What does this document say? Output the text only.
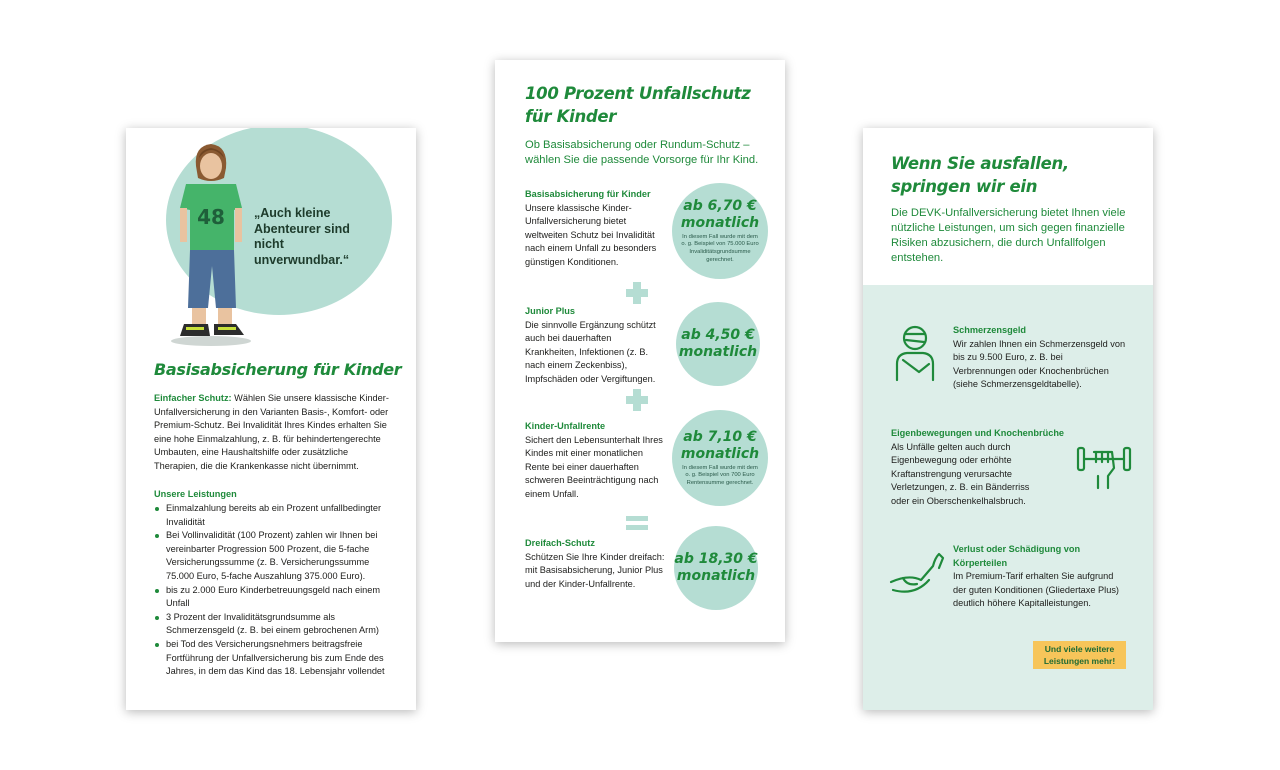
48 „Auch kleine Abenteurer sind nicht unverwundbar.“
Basisabsicherung für Kinder
Einfacher Schutz: Wählen Sie unsere klassische Kinder-Unfallversicherung in den Varianten Basis-, Komfort- oder Premium-Schutz. Bei Invalidität Ihres Kindes erhalten Sie eine hohe Einmalzahlung, z. B. für behindertengerechte Umbauten, eine Haushaltshilfe oder zusätzliche Therapien, die die Krankenkasse nicht übernimmt.
Unsere Leistungen
Einmalzahlung bereits ab ein Prozent unfallbedingter Invalidität
Bei Vollinvalidität (100 Prozent) zahlen wir Ihnen bei vereinbarter Progression 500 Prozent, die 5-fache Versicherungssumme (z. B. Versicherungssumme 75.000 Euro, 5-fache Auszahlung 375.000 Euro).
bis zu 2.000 Euro Kinderbetreuungsgeld nach einem Unfall
3 Prozent der Invaliditätsgrundsumme als Schmerzensgeld (z. B. bei einem gebrochenen Arm)
bei Tod des Versicherungsnehmers beitragsfreie Fortführung der Unfallversicherung bis zum Ende des Jahres, in dem das Kind das 18. Lebensjahr vollendet
100 Prozent Unfallschutz
für Kinder
Ob Basisabsicherung oder Rundum-Schutz – wählen Sie die passende Vorsorge für Ihr Kind.
Basisabsicherung für Kinder
Unsere klassische Kinder-Unfallversicherung bietet weltweiten Schutz bei Invalidität nach einem Unfall zu besonders günstigen Konditionen.
ab 6,70 €
monatlich
In diesem Fall wurde mit dem o. g. Beispiel von 75.000 Euro Invaliditätsgrundsumme gerechnet.
Junior Plus
Die sinnvolle Ergänzung schützt auch bei dauerhaften Krankheiten, Infektionen (z. B. nach einem Zeckenbiss), Impfschäden oder Vergiftungen.
ab 4,50 €
monatlich
Kinder-Unfallrente
Sichert den Lebensunterhalt Ihres Kindes mit einer monatlichen Rente bei einer dauerhaften schweren Beeinträchtigung nach einem Unfall.
ab 7,10 €
monatlich
In diesem Fall wurde mit dem o. g. Beispiel von 700 Euro Rentensumme gerechnet.
Dreifach-Schutz
Schützen Sie Ihre Kinder dreifach: mit Basisabsicherung, Junior Plus und der Kinder-Unfallrente.
ab 18,30 €
monatlich
Wenn Sie ausfallen,
springen wir ein
Die DEVK-Unfallversicherung bietet Ihnen viele nützliche Leistungen, um sich gegen finanzielle Risiken abzusichern, die durch Unfallfolgen entstehen.
Schmerzensgeld
Wir zahlen Ihnen ein Schmerzensgeld von bis zu 9.500 Euro, z. B. bei Verbrennungen oder Knochenbrüchen (siehe Schmerzensgeldtabelle).
Eigenbewegungen und Knochenbrüche
Als Unfälle gelten auch durch Eigenbewegung oder erhöhte Kraftanstrengung verursachte Verletzungen, z. B. ein Bänderriss oder ein Oberschenkelhalsbruch.
Verlust oder Schädigung von Körperteilen
Im Premium-Tarif erhalten Sie aufgrund der guten Konditionen (Gliedertaxe Plus) deutlich höhere Kapitalleistungen.
Und viele weitere
Leistungen mehr!
